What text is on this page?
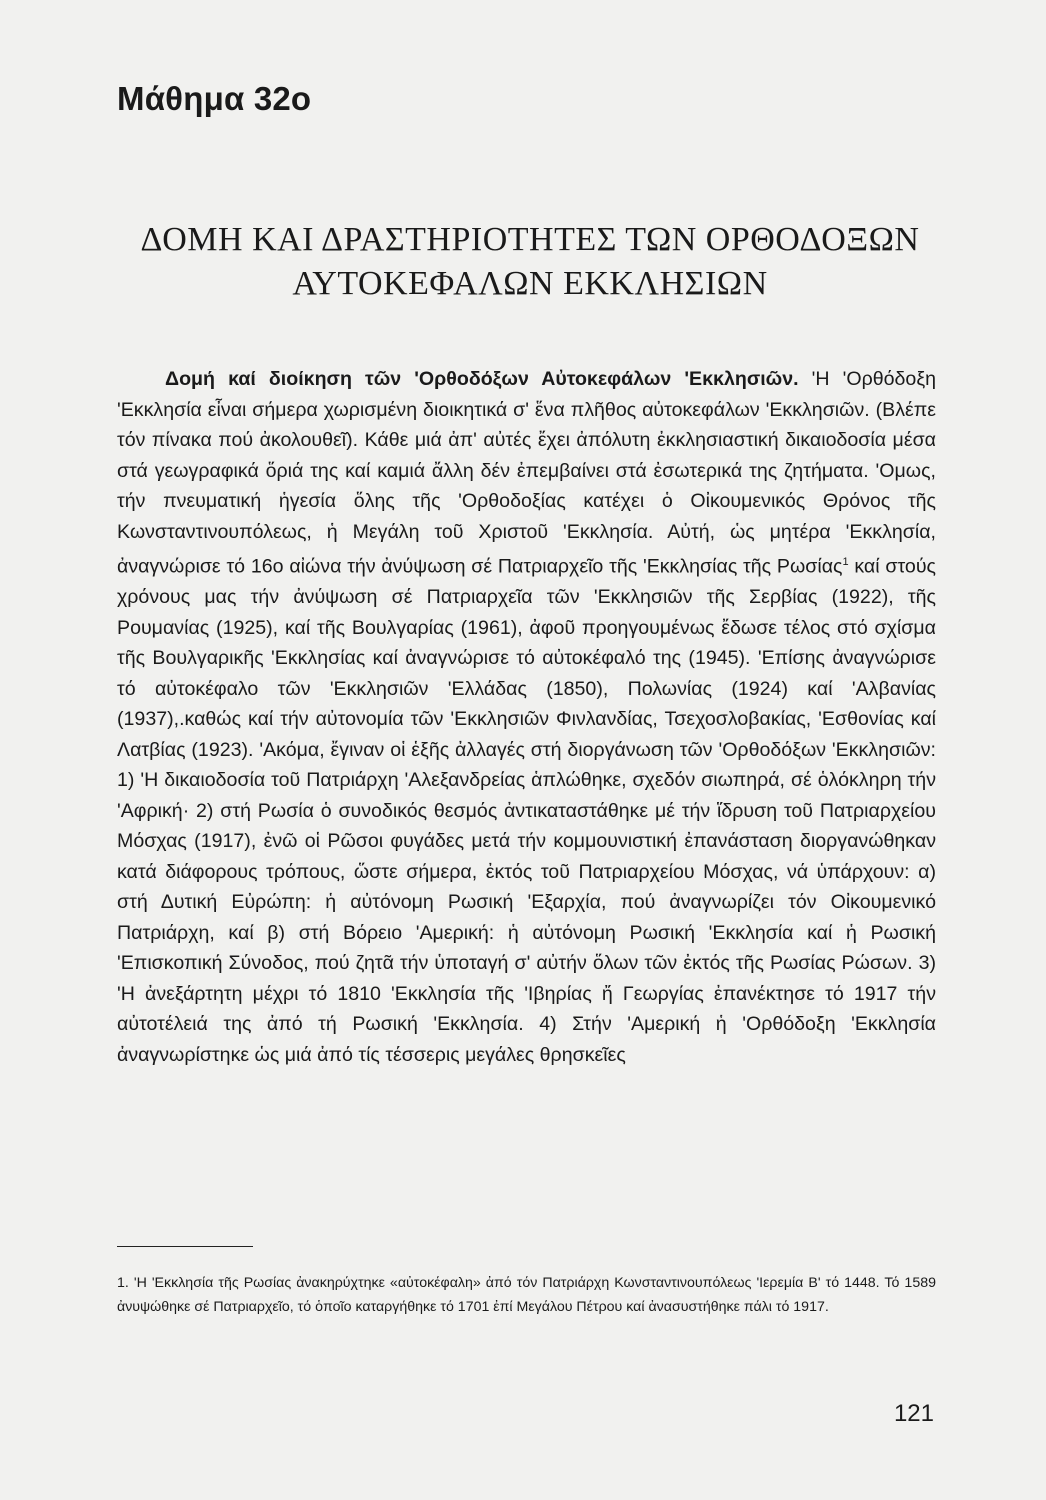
Μάθημα 32ο
ΔΟΜΗ ΚΑΙ ΔΡΑΣΤΗΡΙΟΤΗΤΕΣ ΤΩΝ ΟΡΘΟΔΟΞΩΝ
ΑΥΤΟΚΕΦΑΛΩΝ ΕΚΚΛΗΣΙΩΝ

Δομή καί διοίκηση τῶν 'Ορθοδόξων Αὐτοκεφάλων 'Εκκλησιῶν. 'Η 'Ορθόδοξη 'Εκκλησία εἶναι σήμερα χωρισμένη διοικητικά σ' ἕνα πλῆθος αὐτοκεφάλων 'Εκκλησιῶν. (Βλέπε τόν πίνακα πού ἀκολουθεῖ). Κάθε μιά ἀπ' αὐτές ἔχει ἀπόλυτη ἐκκλησιαστική δικαιοδοσία μέσα στά γεωγραφικά ὅριά της καί καμιά ἄλλη δέν ἐπεμβαίνει στά ἐσωτερικά της ζητήματα. 'Ομως, τήν πνευματική ἡγεσία ὅλης τῆς 'Ορθοδοξίας κατέχει ὁ Οἰκουμενικός Θρόνος τῆς Κωνσταντινουπόλεως, ἡ Μεγάλη τοῦ Χριστοῦ 'Εκκλησία. Αὐτή, ὡς μητέρα 'Εκκλησία, ἀναγνώρισε τό 16ο αἰώνα τήν ἀνύψωση σέ Πατριαρχεῖο τῆς 'Εκκλησίας τῆς Ρωσίας$^1$ καί στούς χρόνους μας τήν ἀνύψωση σέ Πατριαρχεῖα τῶν 'Εκκλησιῶν τῆς Σερβίας (1922), τῆς Ρουμανίας (1925), καί τῆς Βουλγαρίας (1961), ἀφοῦ προηγουμένως ἔδωσε τέλος στό σχίσμα τῆς Βουλγαρικῆς 'Εκκλησίας καί ἀναγνώρισε τό αὐτοκέφαλό της (1945). 'Επίσης ἀναγνώρισε τό αὐτοκέφαλο τῶν 'Εκκλησιῶν 'Ελλάδας (1850), Πολωνίας (1924) καί 'Αλβανίας (1937),.καθώς καί τήν αὐτονομία τῶν 'Εκκλησιῶν Φινλανδίας, Τσεχοσλοβακίας, 'Εσθονίας καί Λατβίας (1923). 'Ακόμα, ἔγιναν οἱ ἑξῆς ἀλλαγές στή διοργάνωση τῶν 'Ορθοδόξων 'Εκκλησιῶν: 1) 'Η δικαιοδοσία τοῦ Πατριάρχη 'Αλεξανδρείας ἁπλώθηκε, σχεδόν σιωπηρά, σέ ὁλόκληρη τήν 'Αφρική· 2) στή Ρωσία ὁ συνοδικός θεσμός ἀντικαταστάθηκε μέ τήν ἵδρυση τοῦ Πατριαρχείου Μόσχας (1917), ἐνῶ οἱ Ρῶσοι φυγάδες μετά τήν κομμουνιστική ἐπανάσταση διοργανώθηκαν κατά διάφορους τρόπους, ὥστε σήμερα, ἐκτός τοῦ Πατριαρχείου Μόσχας, νά ὑπάρχουν: α) στή Δυτική Εὐρώπη: ἡ αὐτόνομη Ρωσική 'Εξαρχία, πού ἀναγνωρίζει τόν Οἰκουμενικό Πατριάρχη, καί β) στή Βόρειο 'Αμερική: ἡ αὐτόνομη Ρωσική 'Εκκλησία καί ἡ Ρωσική 'Επισκοπική Σύνοδος, πού ζητᾶ τήν ὑποταγή σ' αὐτήν ὅλων τῶν ἐκτός τῆς Ρωσίας Ρώσων. 3) 'Η ἀνεξάρτητη μέχρι τό 1810 'Εκκλησία τῆς 'Ιβηρίας ἤ Γεωργίας ἐπανέκτησε τό 1917 τήν αὐτοτέλειά της ἀπό τή Ρωσική 'Εκκλησία. 4) Στήν 'Αμερική ἡ 'Ορθόδοξη 'Εκκλησία ἀναγνωρίστηκε ὡς μιά ἀπό τίς τέσσερις μεγάλες θρησκεῖες

1. 'Η 'Εκκλησία τῆς Ρωσίας ἀνακηρύχτηκε «αὐτοκέφαλη» ἀπό τόν Πατριάρχη Κωνσταντινουπόλεως 'Ιερεμία Β' τό 1448. Τό 1589 ἀνυψώθηκε σέ Πατριαρχεῖο, τό ὁποῖο καταργήθηκε τό 1701 ἐπί Μεγάλου Πέτρου καί ἀνασυστήθηκε πάλι τό 1917.
121
